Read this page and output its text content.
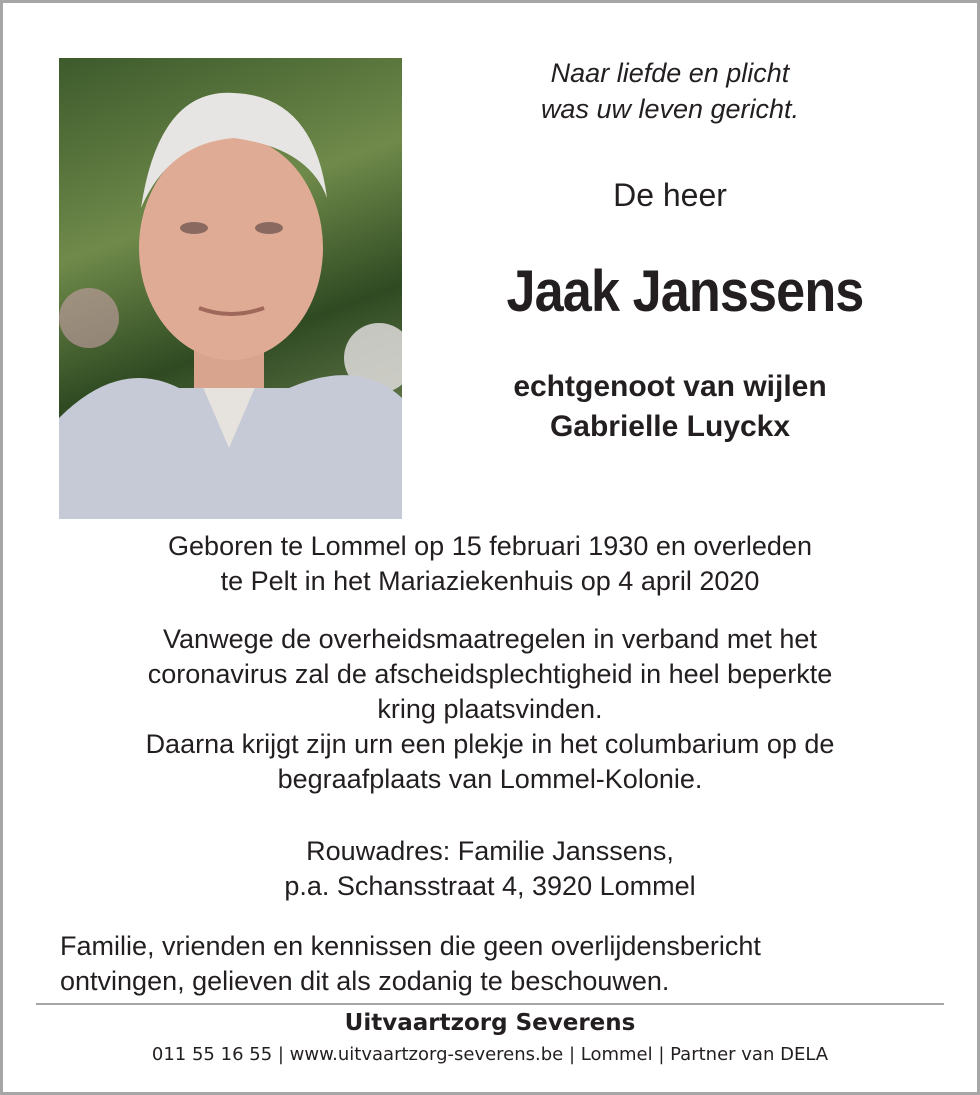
Naar liefde en plicht
was uw leven gericht.
De heer
Jaak Janssens
echtgenoot van wijlen
Gabrielle Luyckx
Geboren te Lommel op 15 februari 1930 en overleden
te Pelt in het Mariaziekenhuis op 4 april 2020
Vanwege de overheidsmaatregelen in verband met het
coronavirus zal de afscheidsplechtigheid in heel beperkte
kring plaatsvinden.
Daarna krijgt zijn urn een plekje in het columbarium op de
begraafplaats van Lommel-Kolonie.
Rouwadres: Familie Janssens,
p.a. Schansstraat 4, 3920 Lommel
Familie, vrienden en kennissen die geen overlijdensbericht
ontvingen, gelieven dit als zodanig te beschouwen.
Uitvaartzorg Severens
011 55 16 55 | www.uitvaartzorg-severens.be | Lommel | Partner van DELA
